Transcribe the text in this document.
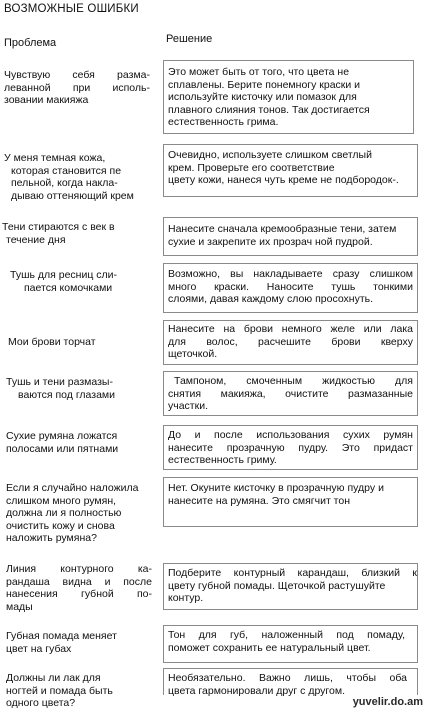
ВОЗМОЖНЫЕ ОШИБКИ
Проблема	Решение
Чувствую себя разма-
леванной при исполь-
зовании макияжа
У меня темная кожа,
которая становится пе
пельной, когда накла-
дываю оттеняющий крем
Тени стираются с век в
течение дня
Тушь для ресниц сли-
пается комочками
Мои брови торчат
Тушь и тени размазы-
ваются под глазами
Сухие румяна ложатся
полосами или пятнами
Если я случайно наложила
слишком много румян,
должна ли я полностью
очистить кожу и снова
наложить румяна?
Линия контурного ка-
рандаша видна и после
нанесения губной по-
мады
Губная помада меняет
цвет на губах
Должны ли лак для
ногтей и помада быть
одного цвета?
Это может быть от того, что цвета не
сплавлены. Берите понемногу краски и
используйте кисточку или помазок для
плавного слияния тонов. Так достигается
естественность грима.
Очевидно, используете слишком светлый
крем. Проверьте его соответствие
цвету кожи, нанеся чуть креме не подбородок-.
Нанесите сначала кремообразные тени, затем
сухие и закрепите их прозрач ной пудрой.
Возможно, вы накладываете сразу слишком
много краски. Наносите тушь тонкими
слоями, давая каждому слою просохнуть.
Нанесите на брови немного желе или лака
для волос, расчешите брови кверху
щеточкой.
Тампоном, смоченным жидкостью для
снятия макияжа, очистите размазанные
участки.
До и после использования сухих румян
нанесите прозрачную пудру. Это придаст
естественность гриму.
Нет. Окуните кисточку в прозрачную пудру и
нанесите на румяна. Это смягчит тон
Подберите контурный карандаш, близкий к
цвету губной помады. Щеточкой растушуйте
контур.
Тон для губ, наложенный под помаду,
поможет сохранить ее натуральный цвет.
Необязательно. Важно лишь, чтобы оба
цвета гармонировали друг с другом.
yuvelir.do.am
